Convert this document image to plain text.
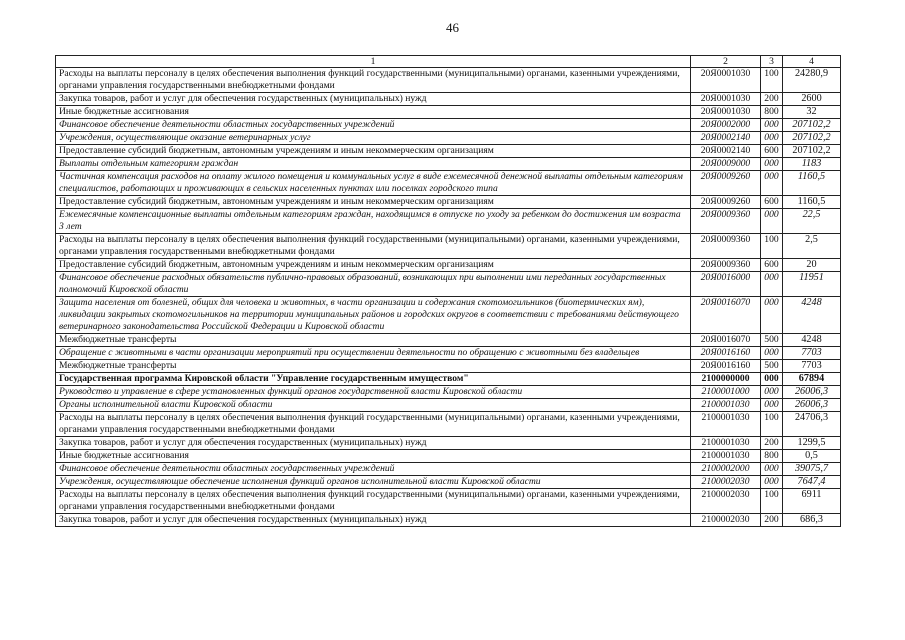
46
1	2	3	4
Расходы на выплаты персоналу в целях обеспечения выполнения функций государственными (муниципальными) органами, казенными учреждениями, органами управления государственными внебюджетными фондами	20Я0001030	100	24280,9
Закупка товаров, работ и услуг для обеспечения государственных (муниципальных) нужд	20Я0001030	200	2600
Иные бюджетные ассигнования	20Я0001030	800	32
Финансовое обеспечение деятельности областных государственных учреждений	20Я0002000	000	207102,2
Учреждения, осуществляющие оказание ветеринарных услуг	20Я0002140	000	207102,2
Предоставление субсидий бюджетным, автономным учреждениям и иным некоммерческим организациям	20Я0002140	600	207102,2
Выплаты отдельным категориям граждан	20Я0009000	000	1183
Частичная компенсация расходов на оплату жилого помещения и коммунальных услуг в виде ежемесячной денежной выплаты отдельным категориям специалистов, работающих и проживающих в сельских населенных пунктах или поселках городского типа	20Я0009260	000	1160,5
Предоставление субсидий бюджетным, автономным учреждениям и иным некоммерческим организациям	20Я0009260	600	1160,5
Ежемесячные компенсационные выплаты отдельным категориям граждан, находящимся в отпуске по уходу за ребенком до достижения им возраста 3 лет	20Я0009360	000	22,5
Расходы на выплаты персоналу в целях обеспечения выполнения функций государственными (муниципальными) органами, казенными учреждениями, органами управления государственными внебюджетными фондами	20Я0009360	100	2,5
Предоставление субсидий бюджетным, автономным учреждениям и иным некоммерческим организациям	20Я0009360	600	20
Финансовое обеспечение расходных обязательств публично-правовых образований, возникающих при выполнении ими переданных государственных полномочий Кировской области	20Я0016000	000	11951
Защита населения от болезней, общих для человека и животных, в части организации и содержания скотомогильников (биотермических ям), ликвидации закрытых скотомогильников на территории муниципальных районов и городских округов в соответствии с требованиями действующего ветеринарного законодательства Российской Федерации и Кировской области	20Я0016070	000	4248
Межбюджетные трансферты	20Я0016070	500	4248
Обращение с животными в части организации мероприятий при осуществлении деятельности по обращению с животными без владельцев	20Я0016160	000	7703
Межбюджетные трансферты	20Я0016160	500	7703
Государственная программа Кировской области "Управление государственным имуществом"	2100000000	000	67894
Руководство и управление в сфере установленных функций органов государственной власти Кировской области	2100001000	000	26006,3
Органы исполнительной власти Кировской области	2100001030	000	26006,3
Расходы на выплаты персоналу в целях обеспечения выполнения функций государственными (муниципальными) органами, казенными учреждениями, органами управления государственными внебюджетными фондами	2100001030	100	24706,3
Закупка товаров, работ и услуг для обеспечения государственных (муниципальных) нужд	2100001030	200	1299,5
Иные бюджетные ассигнования	2100001030	800	0,5
Финансовое обеспечение деятельности областных государственных учреждений	2100002000	000	39075,7
Учреждения, осуществляющие обеспечение исполнения функций органов исполнительной власти Кировской области	2100002030	000	7647,4
Расходы на выплаты персоналу в целях обеспечения выполнения функций государственными (муниципальными) органами, казенными учреждениями, органами управления государственными внебюджетными фондами	2100002030	100	6911
Закупка товаров, работ и услуг для обеспечения государственных (муниципальных) нужд	2100002030	200	686,3
